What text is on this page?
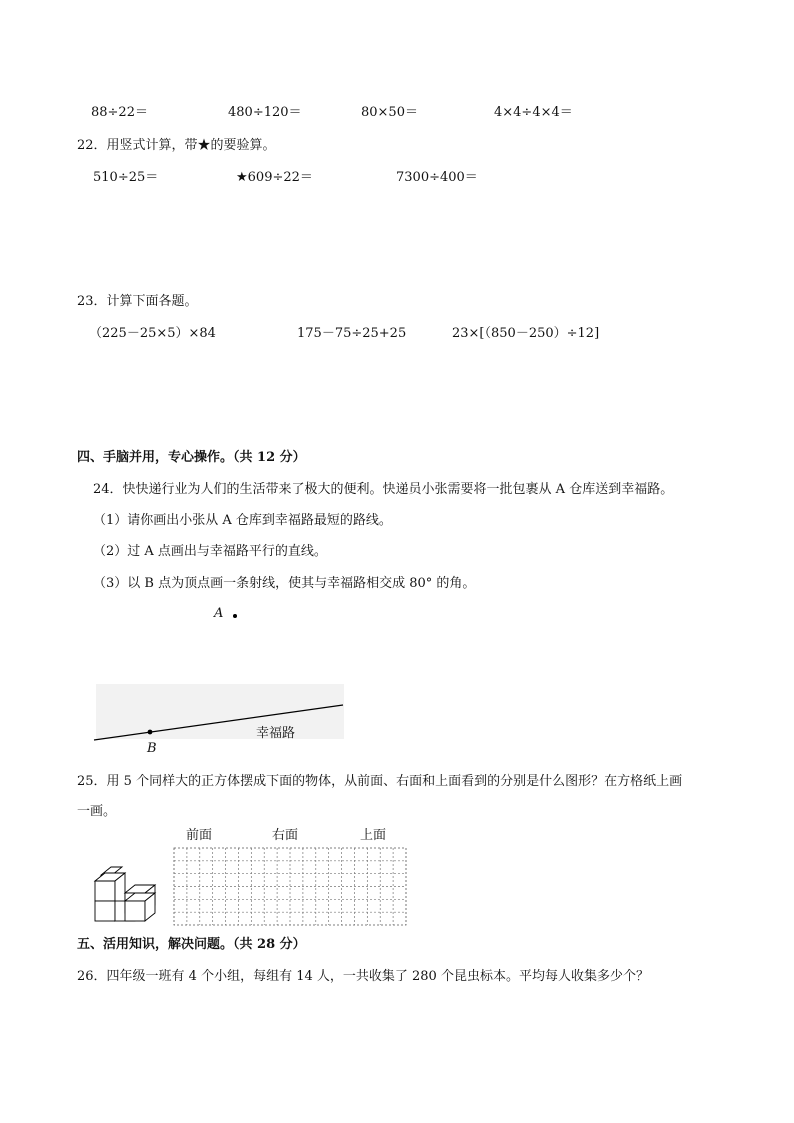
88÷22＝	480÷120＝	80×50＝	4×4÷4×4＝
22．用竖式计算，带★的要验算。
510÷25＝	★609÷22＝	7300÷400＝
23．计算下面各题。
（225－25×5）×84	175－75÷25+25	23×[（850－250）÷12]
四、手脑并用，专心操作。（共 12 分）
24．快快递行业为人们的生活带来了极大的便利。快递员小张需要将一批包裹从 A 仓库送到幸福路。
（1）请你画出小张从 A 仓库到幸福路最短的路线。
（2）过 A 点画出与幸福路平行的直线。
（3）以 B 点为顶点画一条射线，使其与幸福路相交成 80° 的角。
A
B
幸福路
25．用 5 个同样大的正方体摆成下面的物体，从前面、右面和上面看到的分别是什么图形？在方格纸上画
一画。
前面	右面	上面
五、活用知识，解决问题。（共 28 分）
26．四年级一班有 4 个小组，每组有 14 人，一共收集了 280 个昆虫标本。平均每人收集多少个？
